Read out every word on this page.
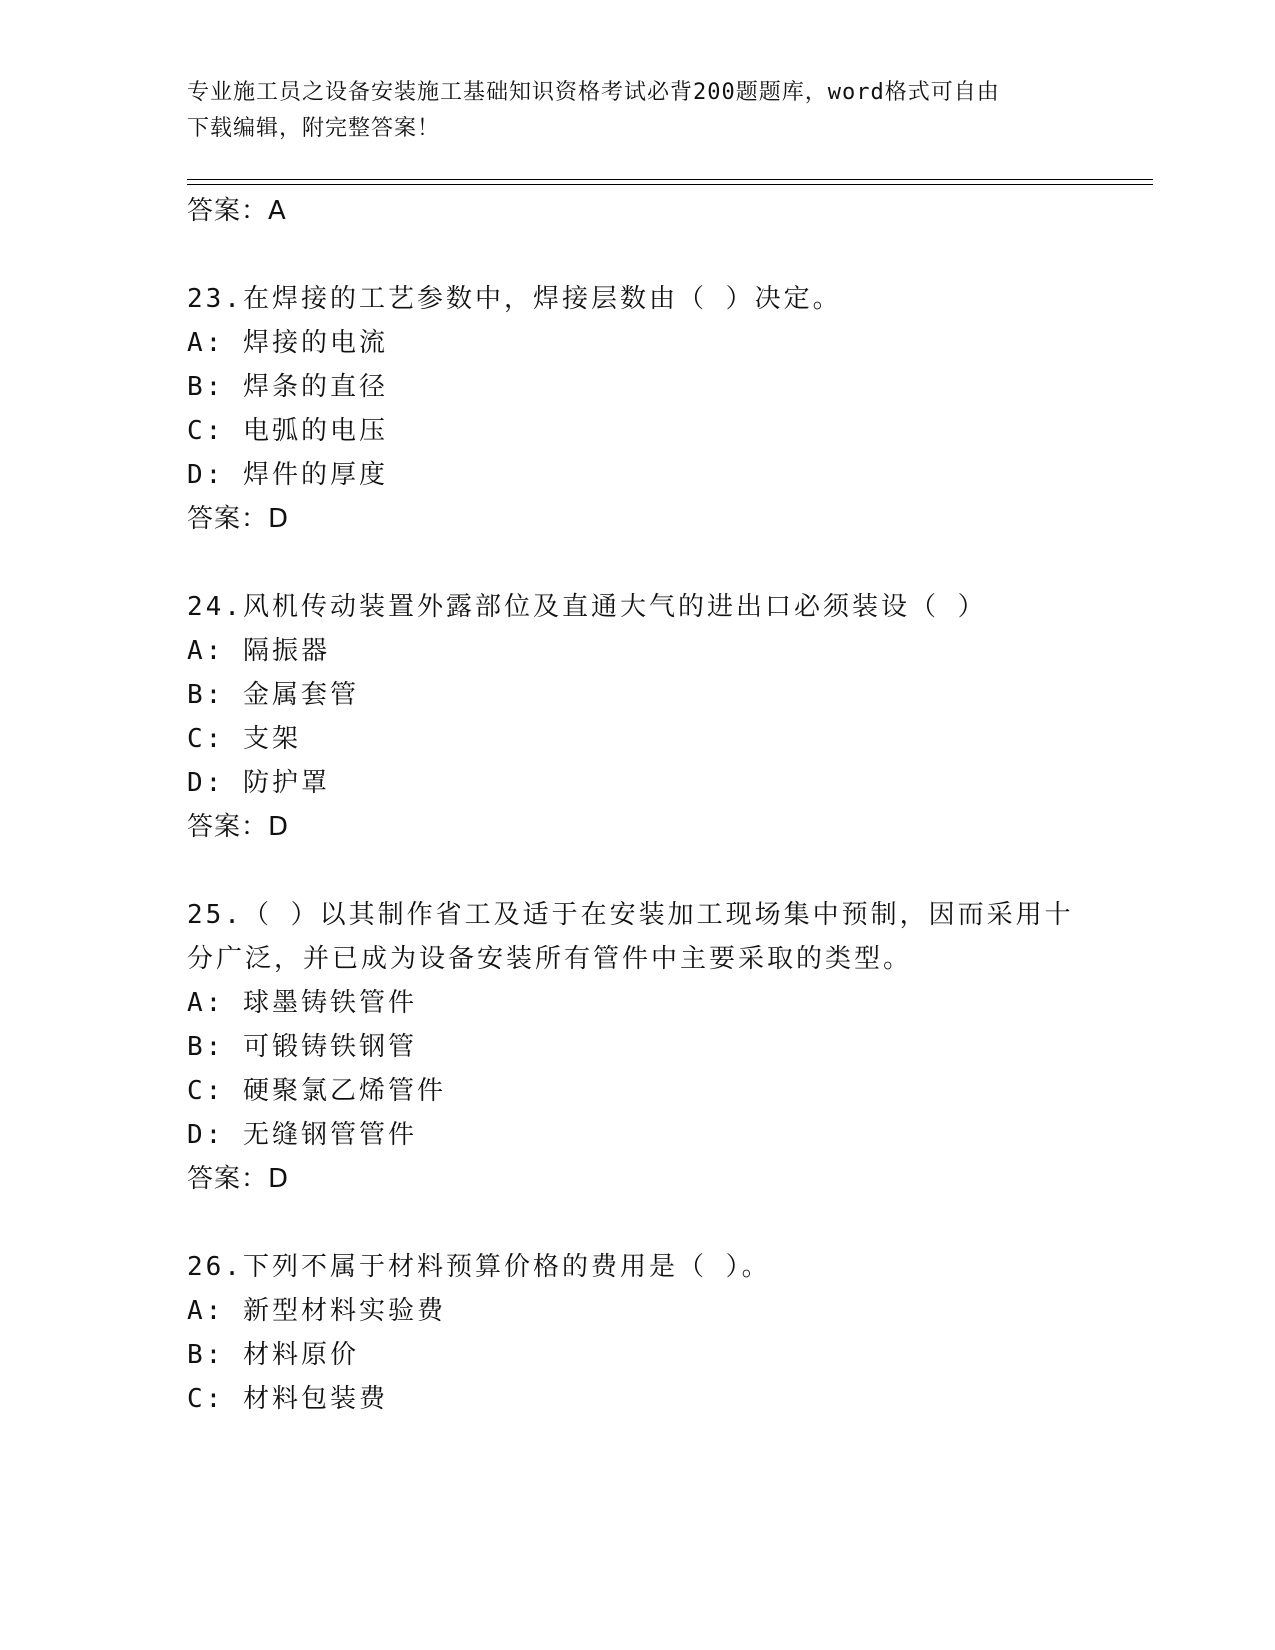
专业施工员之设备安装施工基础知识资格考试必背200题题库，word格式可自由
下载编辑，附完整答案！
答案：A
23.在焊接的工艺参数中，焊接层数由（ ）决定。
A: 焊接的电流
B: 焊条的直径
C: 电弧的电压
D: 焊件的厚度
答案：D
24.风机传动装置外露部位及直通大气的进出口必须装设（ ）
A: 隔振器
B: 金属套管
C: 支架
D: 防护罩
答案：D
25.（ ）以其制作省工及适于在安装加工现场集中预制，因而采用十
分广泛，并已成为设备安装所有管件中主要采取的类型。
A: 球墨铸铁管件
B: 可锻铸铁钢管
C: 硬聚氯乙烯管件
D: 无缝钢管管件
答案：D
26.下列不属于材料预算价格的费用是（ ）。
A: 新型材料实验费
B: 材料原价
C: 材料包装费
